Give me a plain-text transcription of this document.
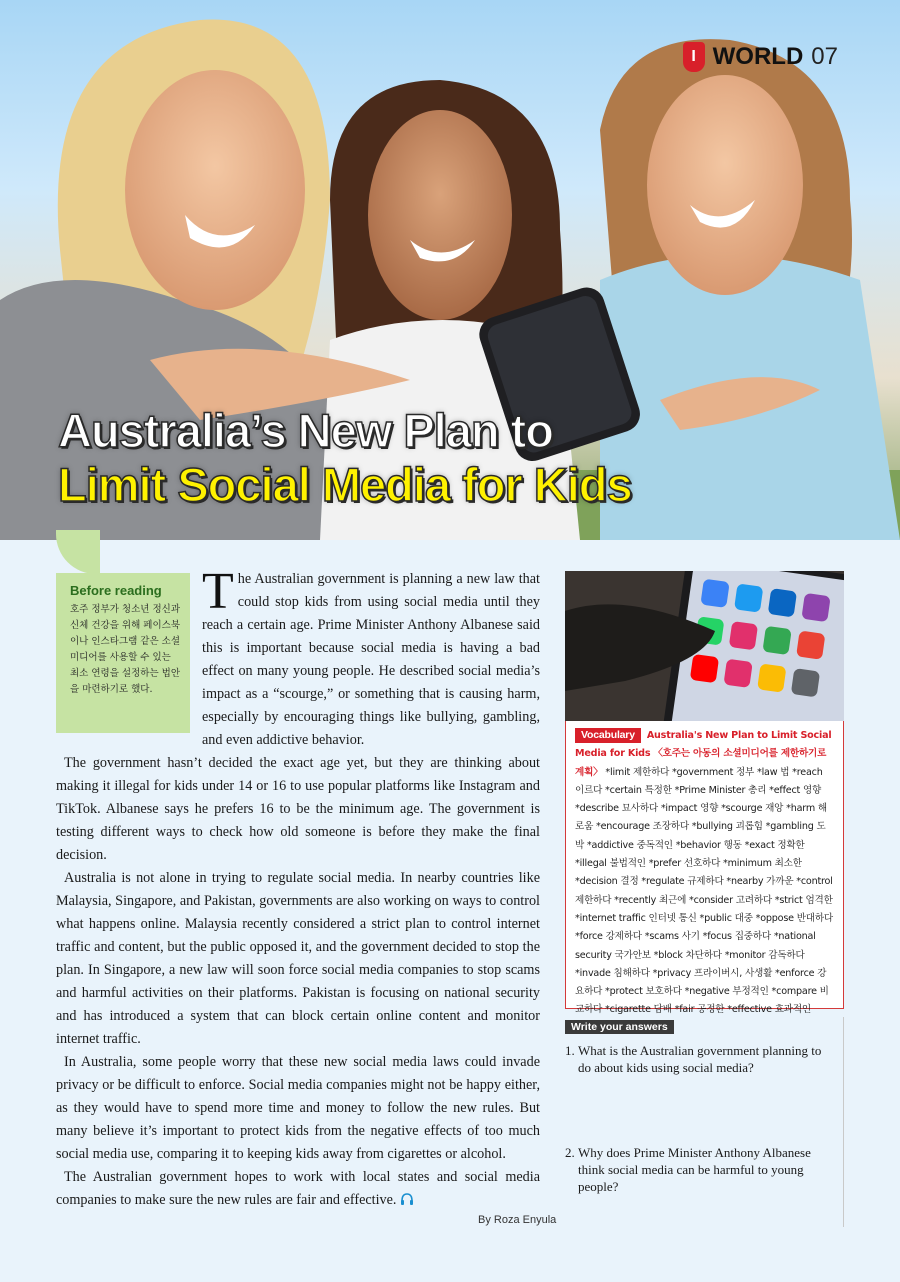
I WORLD 07
Australia’s New Plan to
Limit Social Media for Kids
Before reading

호주 정부가 청소년 정신과 신체 건강을 위해 페이스북이나 인스타그램 같은 소셜미디어를 사용할 수 있는 최소 연령을 설정하는 법안을 마련하기로 했다.

T he Australian government is planning a new law that could stop kids from using social media until they reach a certain age. Prime Minister Anthony Albanese said this is important because social media is having a bad effect on many young people. He described social media’s impact as a “scourge,” or something that is causing harm, especially by encouraging things like bullying, gambling, and even addictive behavior.

The government hasn’t decided the exact age yet, but they are thinking about making it illegal for kids under 14 or 16 to use popular platforms like Instagram and TikTok. Albanese says he prefers 16 to be the minimum age. The government is testing different ways to check how old someone is before they make the final decision.

Australia is not alone in trying to regulate social media. In nearby countries like Malaysia, Singapore, and Pakistan, governments are also working on ways to control what happens online. Malaysia recently considered a strict plan to control internet traffic and content, but the public opposed it, and the government decided to stop the plan. In Singapore, a new law will soon force social media companies to stop scams and harmful activities on their platforms. Pakistan is focusing on national security and has introduced a system that can block certain online content and monitor internet traffic.

In Australia, some people worry that these new social media laws could invade privacy or be difficult to enforce. Social media companies might not be happy either, as they would have to spend more time and money to follow the new rules. But many believe it’s important to protect kids from the negative effects of too much social media use, comparing it to keeping kids away from cigarettes or alcohol.

The Australian government hopes to work with local states and social media companies to make sure the new rules are fair and effective.

By Roza Enyula
Vocabulary Australia's New Plan to Limit Social Media for Kids 〈호주는 아동의 소셜미디어를 제한하기로 계획〉 *limit 제한하다 *government 정부 *law 법 *reach 이르다 *certain 특정한 *Prime Minister 총리 *effect 영향 *describe 묘사하다 *impact 영향 *scourge 재앙 *harm 해로움 *encourage 조장하다 *bullying 괴롭힘 *gambling 도박 *addictive 중독적인 *behavior 행동 *exact 정확한 *illegal 불법적인 *prefer 선호하다 *minimum 최소한 *decision 결정 *regulate 규제하다 *nearby 가까운 *control 제한하다 *recently 최근에 *consider 고려하다 *strict 엄격한 *internet traffic 인터넷 통신 *public 대중 *oppose 반대하다 *force 강제하다 *scams 사기 *focus 집중하다 *national security 국가안보 *block 차단하다 *monitor 감독하다 *invade 침해하다 *privacy 프라이버시, 사생활 *enforce 강요하다 *protect 보호하다 *negative 부정적인 *compare 비교하다 *cigarette 담배 *fair 공정한 *effective 효과적인
Write your answers
1. What is the Australian government planning to do about kids using social media?
2. Why does Prime Minister Anthony Albanese think social media can be harmful to young people?
